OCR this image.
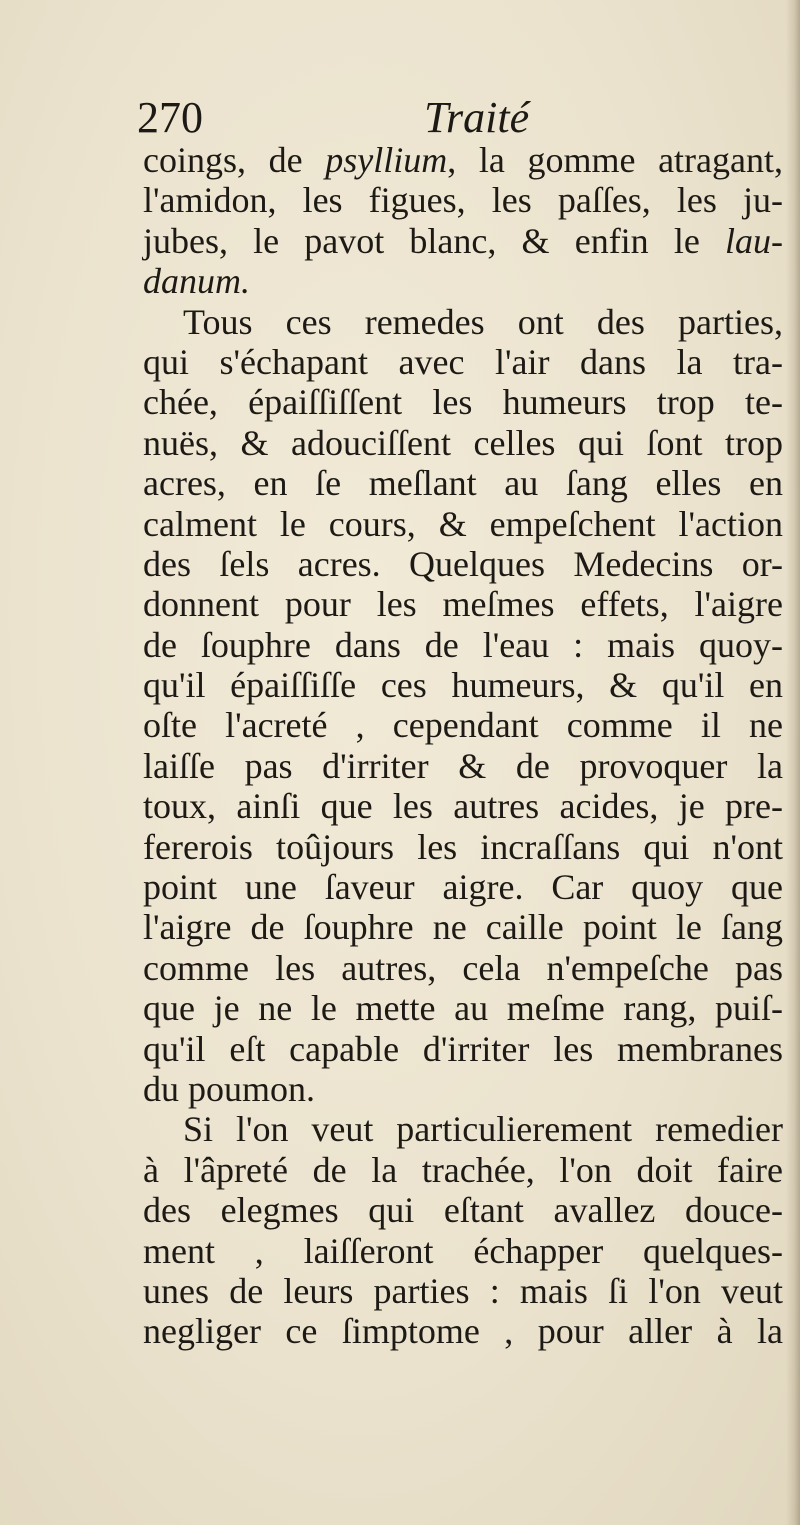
270	Traité
coings, de psyllium, la gomme atragant,
l'amidon, les figues, les paſſes, les ju-
jubes, le pavot blanc, & enfin le lau-
danum.
Tous ces remedes ont des parties,
qui s'échapant avec l'air dans la tra-
chée, épaiſſiſſent les humeurs trop te-
nuës, & adouciſſent celles qui ſont trop
acres, en ſe meſlant au ſang elles en
calment le cours, & empeſchent l'action
des ſels acres. Quelques Medecins or-
donnent pour les meſmes effets, l'aigre
de ſouphre dans de l'eau : mais quoy-
qu'il épaiſſiſſe ces humeurs, & qu'il en
oſte l'acreté , cependant comme il ne
laiſſe pas d'irriter & de provoquer la
toux, ainſi que les autres acides, je pre-
fererois toûjours les incraſſans qui n'ont
point une ſaveur aigre. Car quoy que
l'aigre de ſouphre ne caille point le ſang
comme les autres, cela n'empeſche pas
que je ne le mette au meſme rang, puiſ-
qu'il eſt capable d'irriter les membranes
du poumon.
Si l'on veut particulierement remedier
à l'âpreté de la trachée, l'on doit faire
des elegmes qui eſtant avallez douce-
ment , laiſſeront échapper quelques-
unes de leurs parties : mais ſi l'on veut
negliger ce ſimptome , pour aller à la
